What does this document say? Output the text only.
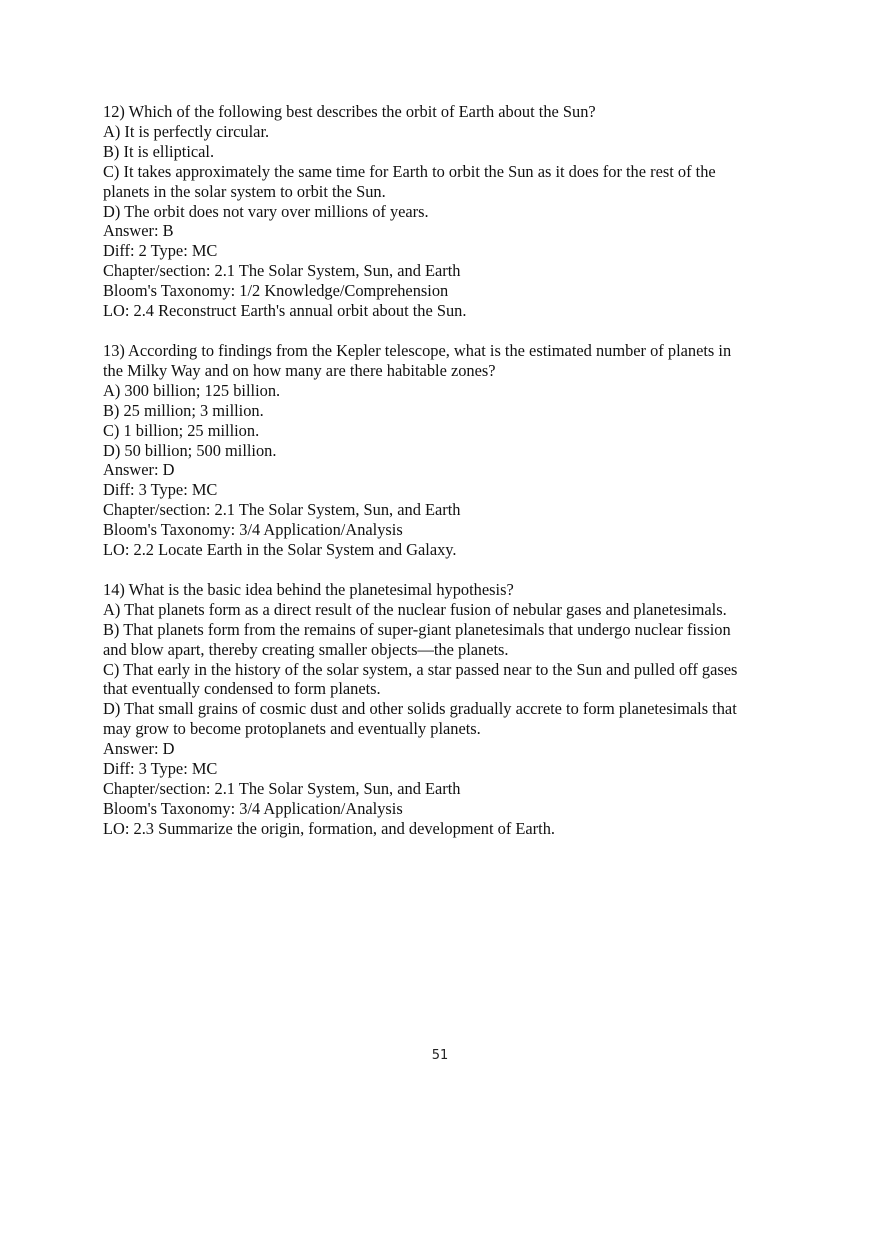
12) Which of the following best describes the orbit of Earth about the Sun?
A) It is perfectly circular.
B) It is elliptical.
C) It takes approximately the same time for Earth to orbit the Sun as it does for the rest of the
planets in the solar system to orbit the Sun.
D) The orbit does not vary over millions of years.
Answer: B
Diff: 2 Type: MC
Chapter/section: 2.1 The Solar System, Sun, and Earth
Bloom's Taxonomy: 1/2 Knowledge/Comprehension
LO: 2.4 Reconstruct Earth's annual orbit about the Sun.
13) According to findings from the Kepler telescope, what is the estimated number of planets in
the Milky Way and on how many are there habitable zones?
A) 300 billion; 125 billion.
B) 25 million; 3 million.
C) 1 billion; 25 million.
D) 50 billion; 500 million.
Answer: D
Diff: 3 Type: MC
Chapter/section: 2.1 The Solar System, Sun, and Earth
Bloom's Taxonomy: 3/4 Application/Analysis
LO: 2.2 Locate Earth in the Solar System and Galaxy.
14) What is the basic idea behind the planetesimal hypothesis?
A) That planets form as a direct result of the nuclear fusion of nebular gases and planetesimals.
B) That planets form from the remains of super-giant planetesimals that undergo nuclear fission
and blow apart, thereby creating smaller objects—the planets.
C) That early in the history of the solar system, a star passed near to the Sun and pulled off gases
that eventually condensed to form planets.
D) That small grains of cosmic dust and other solids gradually accrete to form planetesimals that
may grow to become protoplanets and eventually planets.
Answer: D
Diff: 3 Type: MC
Chapter/section: 2.1 The Solar System, Sun, and Earth
Bloom's Taxonomy: 3/4 Application/Analysis
LO: 2.3 Summarize the origin, formation, and development of Earth.
51
